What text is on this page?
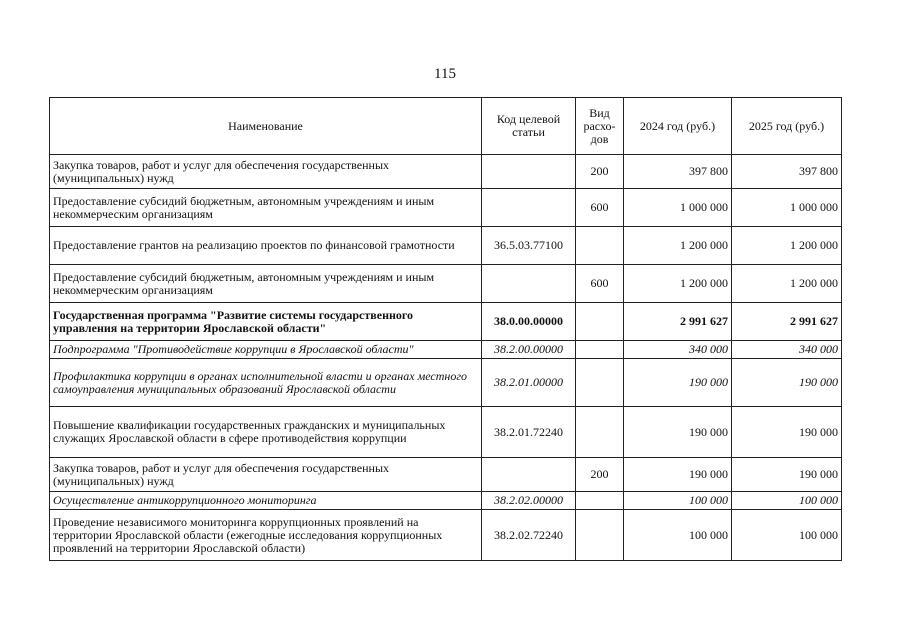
115
Наименование	Код целевой статьи	Вид расхо-дов	2024 год (руб.)	2025 год (руб.)
Закупка товаров, работ и услуг для обеспечения государственных (муниципальных) нужд		200	397 800	397 800
Предоставление субсидий бюджетным, автономным учреждениям и иным некоммерческим организациям		600	1 000 000	1 000 000
Предоставление грантов на реализацию проектов по финансовой грамотности	36.5.03.77100		1 200 000	1 200 000
Предоставление субсидий бюджетным, автономным учреждениям и иным некоммерческим организациям		600	1 200 000	1 200 000
Государственная программа "Развитие системы государственного управления на территории Ярославской области"	38.0.00.00000		2 991 627	2 991 627
Подпрограмма "Противодействие коррупции в Ярославской области"	38.2.00.00000		340 000	340 000
Профилактика коррупции в органах исполнительной власти и органах местного самоуправления муниципальных образований Ярославской области	38.2.01.00000		190 000	190 000
Повышение квалификации государственных гражданских и муниципальных служащих Ярославской области в сфере противодействия коррупции	38.2.01.72240		190 000	190 000
Закупка товаров, работ и услуг для обеспечения государственных (муниципальных) нужд		200	190 000	190 000
Осуществление антикоррупционного мониторинга	38.2.02.00000		100 000	100 000
Проведение независимого мониторинга коррупционных проявлений на территории Ярославской области (ежегодные исследования коррупционных проявлений на территории Ярославской области)	38.2.02.72240		100 000	100 000
